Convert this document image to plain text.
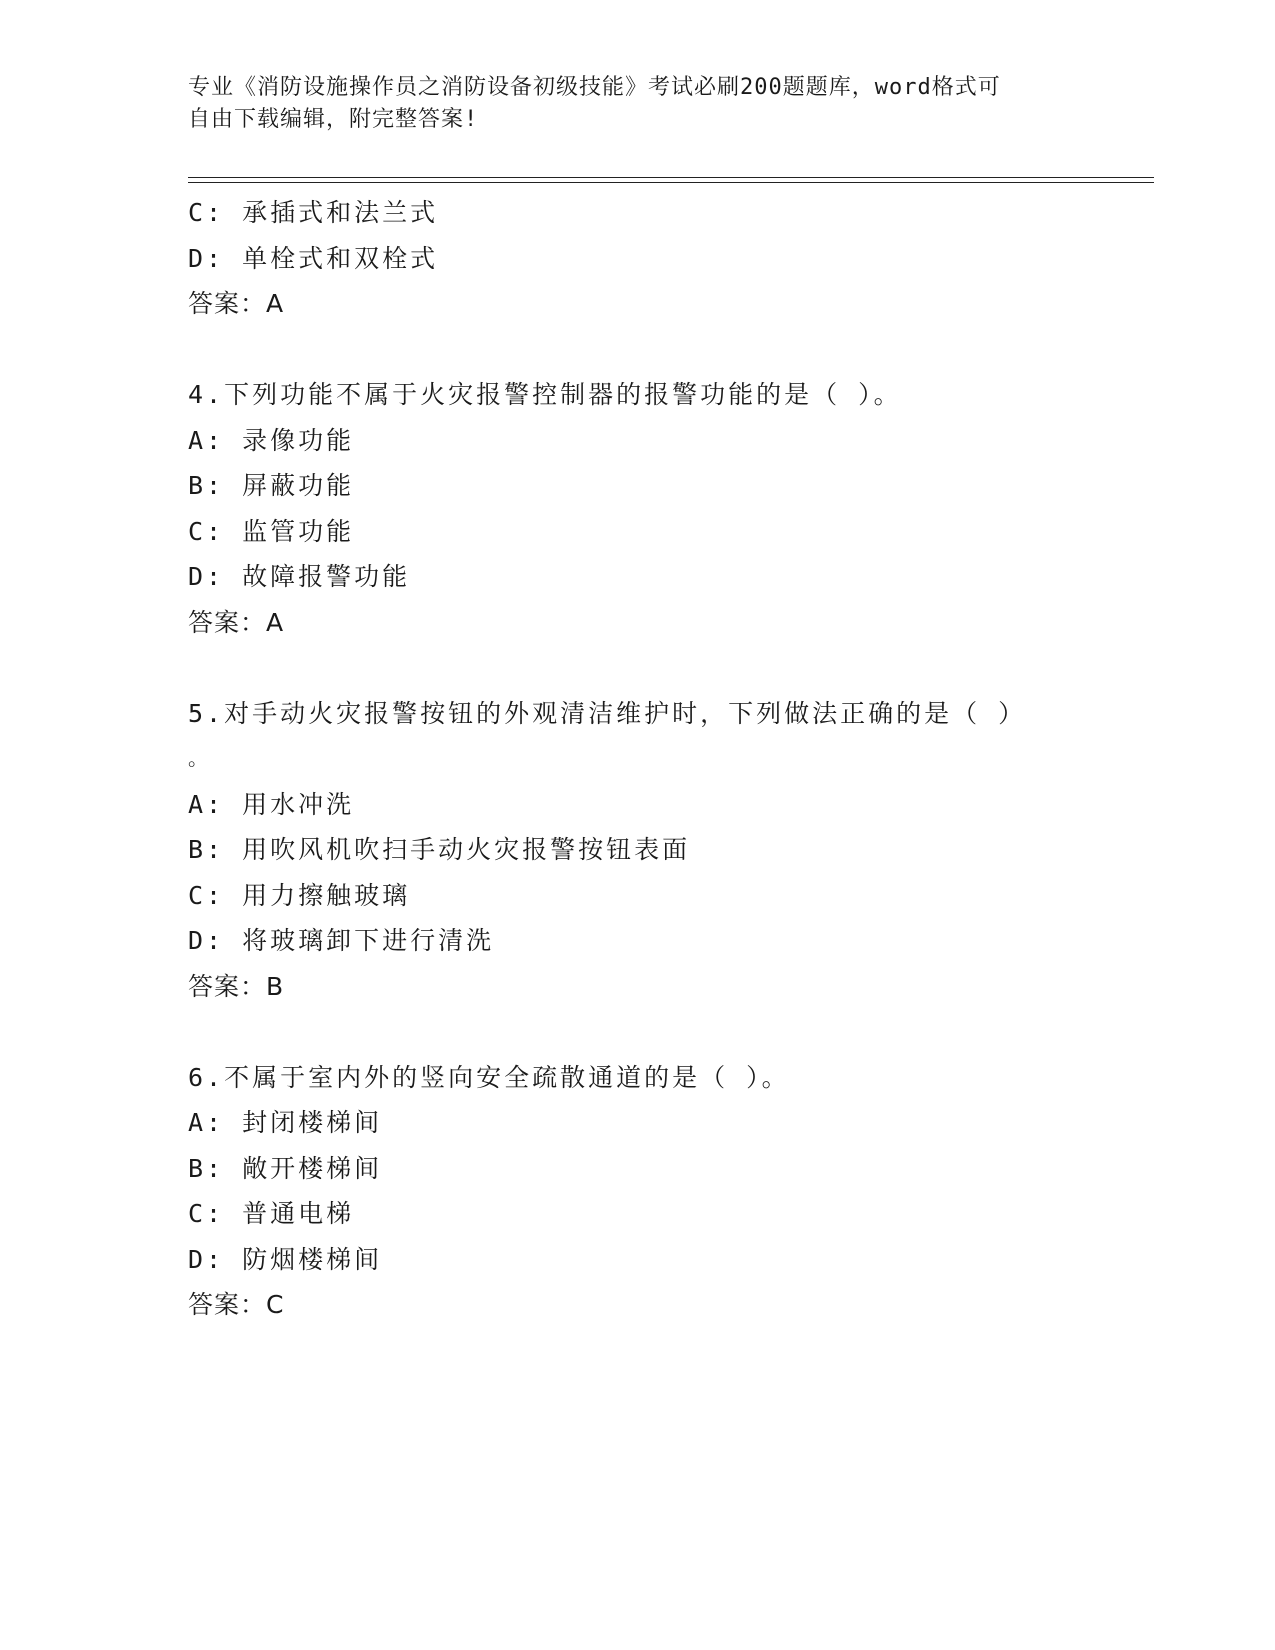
专业《消防设施操作员之消防设备初级技能》考试必刷200题题库，word格式可
自由下载编辑，附完整答案!
C: 承插式和法兰式
D: 单栓式和双栓式
答案：A
4.下列功能不属于火灾报警控制器的报警功能的是（ ）。
A: 录像功能
B: 屏蔽功能
C: 监管功能
D: 故障报警功能
答案：A
5.对手动火灾报警按钮的外观清洁维护时，下列做法正确的是（ ）
。
A: 用水冲洗
B: 用吹风机吹扫手动火灾报警按钮表面
C: 用力擦触玻璃
D: 将玻璃卸下进行清洗
答案：B
6.不属于室内外的竖向安全疏散通道的是（ ）。
A: 封闭楼梯间
B: 敞开楼梯间
C: 普通电梯
D: 防烟楼梯间
答案：C
